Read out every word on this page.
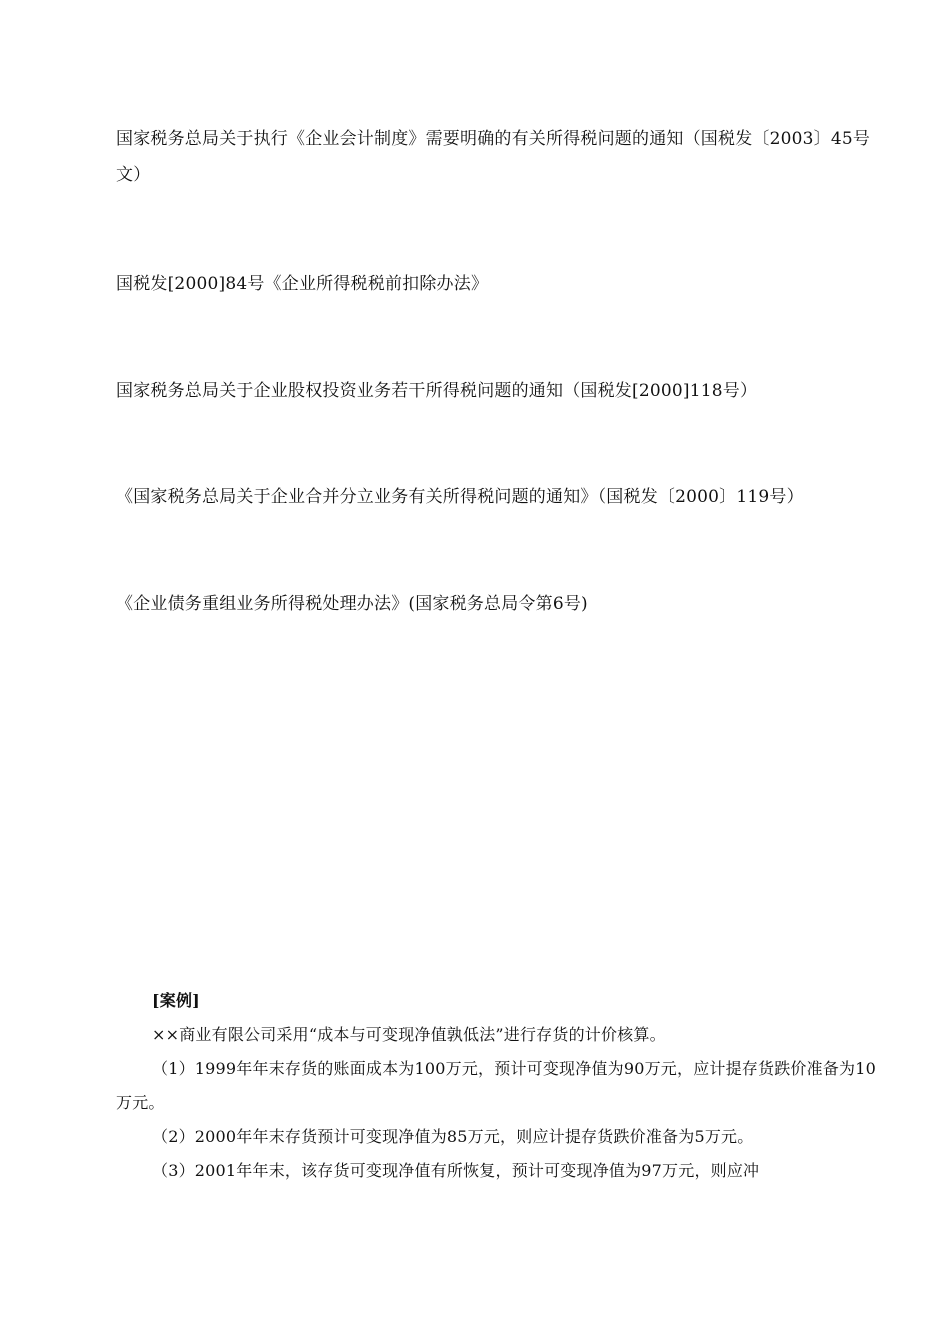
国家税务总局关于执行《企业会计制度》需要明确的有关所得税问题的通知（国税发〔2003〕45号文）

国税发[2000]84号《企业所得税税前扣除办法》

国家税务总局关于企业股权投资业务若干所得税问题的通知（国税发[2000]118号）

《国家税务总局关于企业合并分立业务有关所得税问题的通知》（国税发〔2000〕119号）

《企业债务重组业务所得税处理办法》(国家税务总局令第6号)

[案例]

××商业有限公司采用“成本与可变现净值孰低法”进行存货的计价核算。

（1）1999年年末存货的账面成本为100万元，预计可变现净值为90万元，应计提存货跌价准备为10万元。

（2）2000年年末存货预计可变现净值为85万元，则应计提存货跌价准备为5万元。

（3）2001年年末，该存货可变现净值有所恢复，预计可变现净值为97万元，则应冲
